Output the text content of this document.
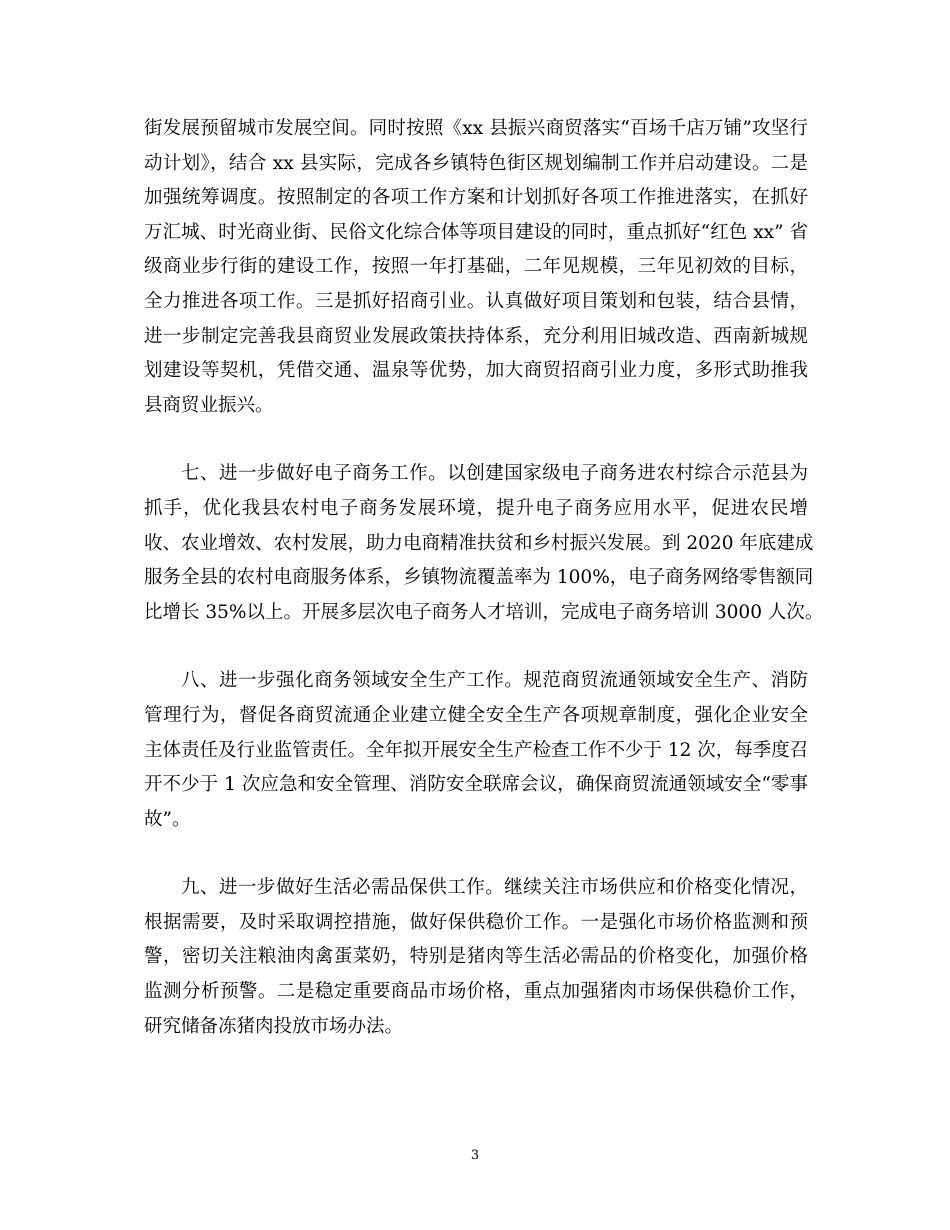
街发展预留城市发展空间。同时按照《xx 县振兴商贸落实“百场千店万铺”攻坚行
动计划》，结合 xx 县实际，完成各乡镇特色街区规划编制工作并启动建设。二是
加强统筹调度。按照制定的各项工作方案和计划抓好各项工作推进落实，在抓好
万汇城、时光商业街、民俗文化综合体等项目建设的同时，重点抓好“红色 xx” 省
级商业步行街的建设工作，按照一年打基础，二年见规模，三年见初效的目标，
全力推进各项工作。三是抓好招商引业。认真做好项目策划和包装，结合县情，
进一步制定完善我县商贸业发展政策扶持体系，充分利用旧城改造、西南新城规
划建设等契机，凭借交通、温泉等优势，加大商贸招商引业力度，多形式助推我
县商贸业振兴。
七、进一步做好电子商务工作。以创建国家级电子商务进农村综合示范县为
抓手，优化我县农村电子商务发展环境，提升电子商务应用水平，促进农民增
收、农业增效、农村发展，助力电商精准扶贫和乡村振兴发展。到 2020 年底建成
服务全县的农村电商服务体系，乡镇物流覆盖率为 100%，电子商务网络零售额同
比增长 35%以上。开展多层次电子商务人才培训，完成电子商务培训 3000 人次。
八、进一步强化商务领域安全生产工作。规范商贸流通领域安全生产、消防
管理行为，督促各商贸流通企业建立健全安全生产各项规章制度，强化企业安全
主体责任及行业监管责任。全年拟开展安全生产检查工作不少于 12 次，每季度召
开不少于 1 次应急和安全管理、消防安全联席会议，确保商贸流通领域安全“零事
故”。
九、进一步做好生活必需品保供工作。继续关注市场供应和价格变化情况，
根据需要，及时采取调控措施，做好保供稳价工作。一是强化市场价格监测和预
警，密切关注粮油肉禽蛋菜奶，特别是猪肉等生活必需品的价格变化，加强价格
监测分析预警。二是稳定重要商品市场价格，重点加强猪肉市场保供稳价工作，
研究储备冻猪肉投放市场办法。
3
